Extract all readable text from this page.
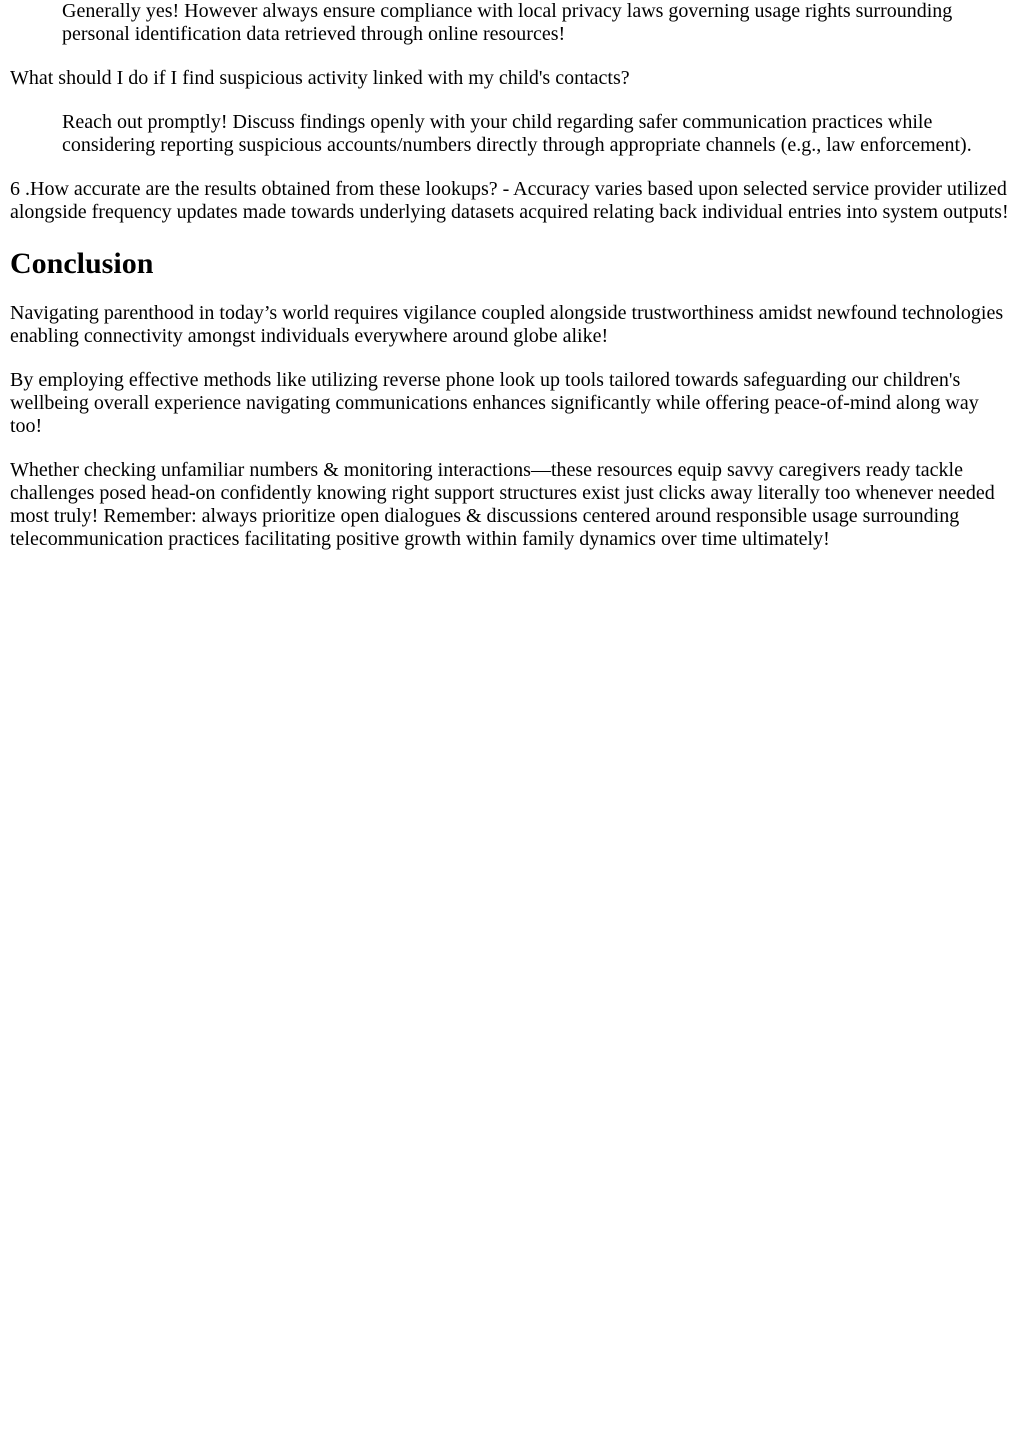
Generally yes! However always ensure compliance with local privacy laws governing usage rights surrounding personal identification data retrieved through online resources!

What should I do if I find suspicious activity linked with my child's contacts?

Reach out promptly! Discuss findings openly with your child regarding safer communication practices while considering reporting suspicious accounts/numbers directly through appropriate channels (e.g., law enforcement).

6 .How accurate are the results obtained from these lookups? - Accuracy varies based upon selected service provider utilized alongside frequency updates made towards underlying datasets acquired relating back individual entries into system outputs!

Conclusion

Navigating parenthood in today’s world requires vigilance coupled alongside trustworthiness amidst newfound technologies enabling connectivity amongst individuals everywhere around globe alike!

By employing effective methods like utilizing reverse phone look up tools tailored towards safeguarding our children's wellbeing overall experience navigating communications enhances significantly while offering peace-of-mind along way too!

Whether checking unfamiliar numbers & monitoring interactions—these resources equip savvy caregivers ready tackle challenges posed head-on confidently knowing right support structures exist just clicks away literally too whenever needed most truly! Remember: always prioritize open dialogues & discussions centered around responsible usage surrounding telecommunication practices facilitating positive growth within family dynamics over time ultimately!
